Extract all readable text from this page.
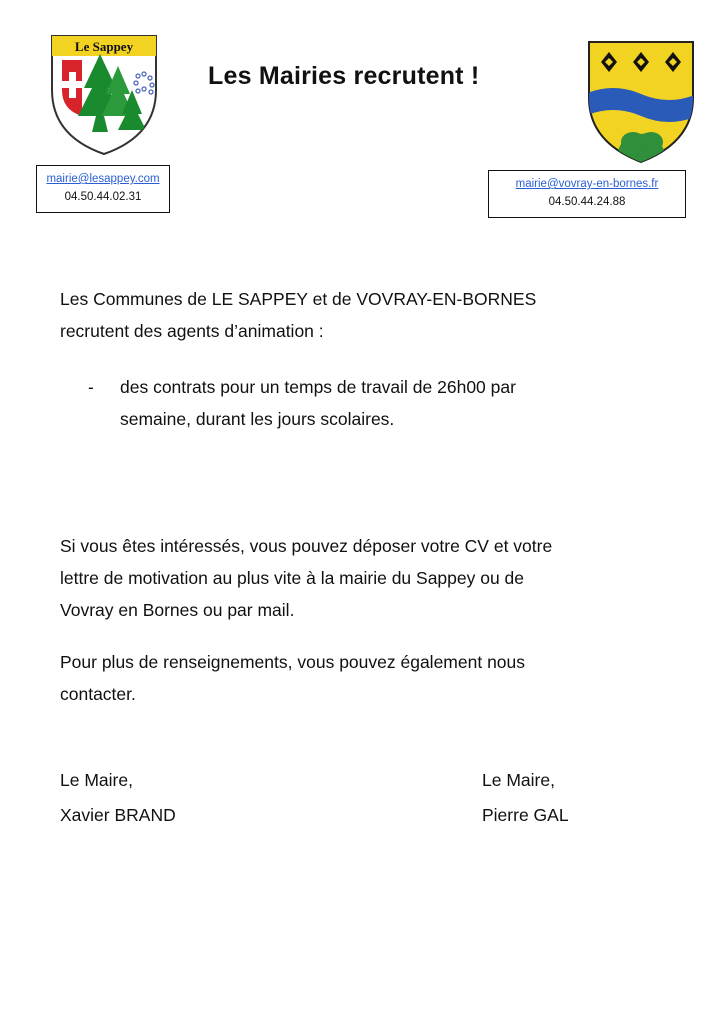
Le Sappey
Les Mairies recrutent !
mairie@lesappey.com
04.50.44.02.31
mairie@vovray-en-bornes.fr
04.50.44.24.88

Les Communes de LE SAPPEY et de VOVRAY-EN-BORNES
recrutent des agents d’animation :

- des contrats pour un temps de travail de 26h00 par
semaine, durant les jours scolaires.

Si vous êtes intéressés, vous pouvez déposer votre CV et votre
lettre de motivation au plus vite à la mairie du Sappey ou de
Vovray en Bornes ou par mail.

Pour plus de renseignements, vous pouvez également nous
contacter.

Le Maire,
Xavier BRAND
Le Maire,
Pierre GAL
